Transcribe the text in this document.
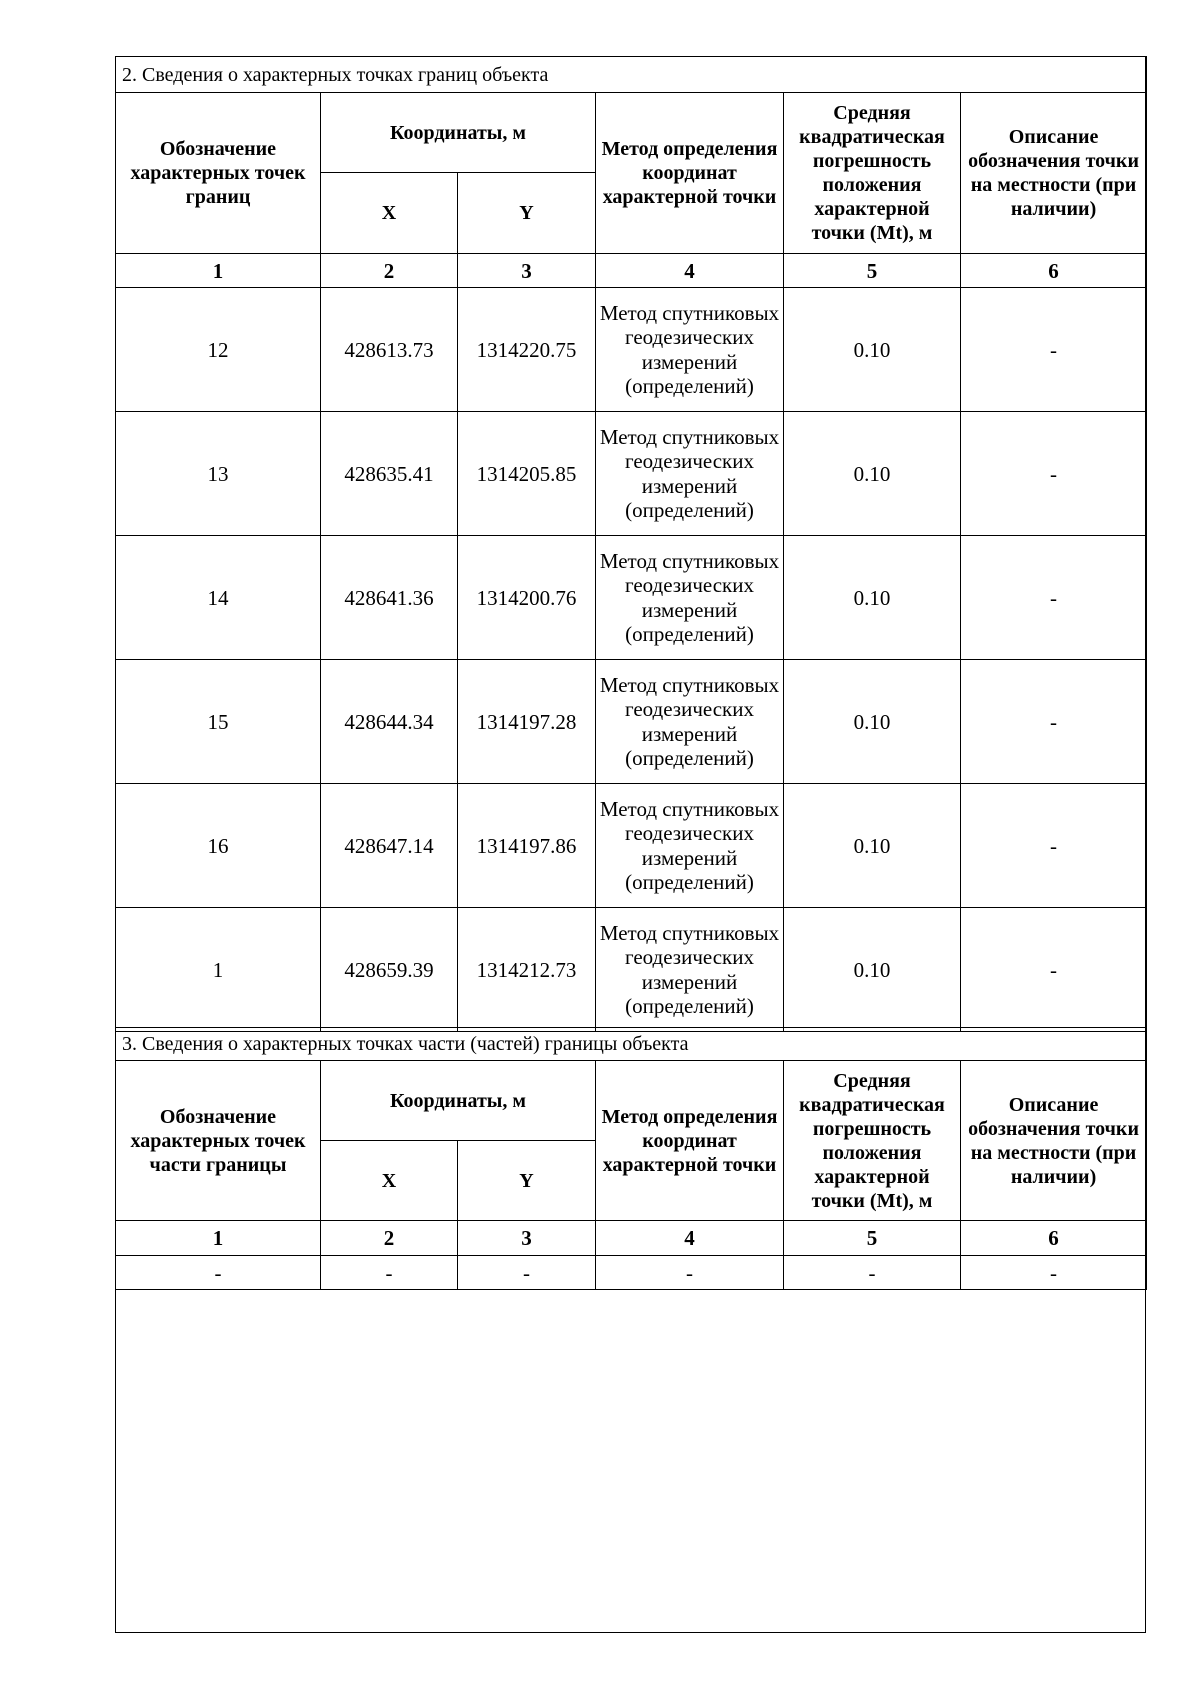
2. Сведения о характерных точках границ объекта					
Обозначение характерных точек границ	Координаты, м		Метод определения координат характерной точки	Средняя квадратическая погрешность положения характерной точки (Mt), м	Описание обозначения точки на местности (при наличии)
	X	Y			
1	2	3	4	5	6
12	428613.73	1314220.75	Метод спутниковых геодезических измерений (определений)	0.10	-
13	428635.41	1314205.85	Метод спутниковых геодезических измерений (определений)	0.10	-
14	428641.36	1314200.76	Метод спутниковых геодезических измерений (определений)	0.10	-
15	428644.34	1314197.28	Метод спутниковых геодезических измерений (определений)	0.10	-
16	428647.14	1314197.86	Метод спутниковых геодезических измерений (определений)	0.10	-
1	428659.39	1314212.73	Метод спутниковых геодезических измерений (определений)	0.10	-
3. Сведения о характерных точках части (частей) границы объекта					
Обозначение характерных точек части границы	Координаты, м		Метод определения координат характерной точки	Средняя квадратическая погрешность положения характерной точки (Mt), м	Описание обозначения точки на местности (при наличии)
	X	Y			
1	2	3	4	5	6
-	-	-	-	-	-
